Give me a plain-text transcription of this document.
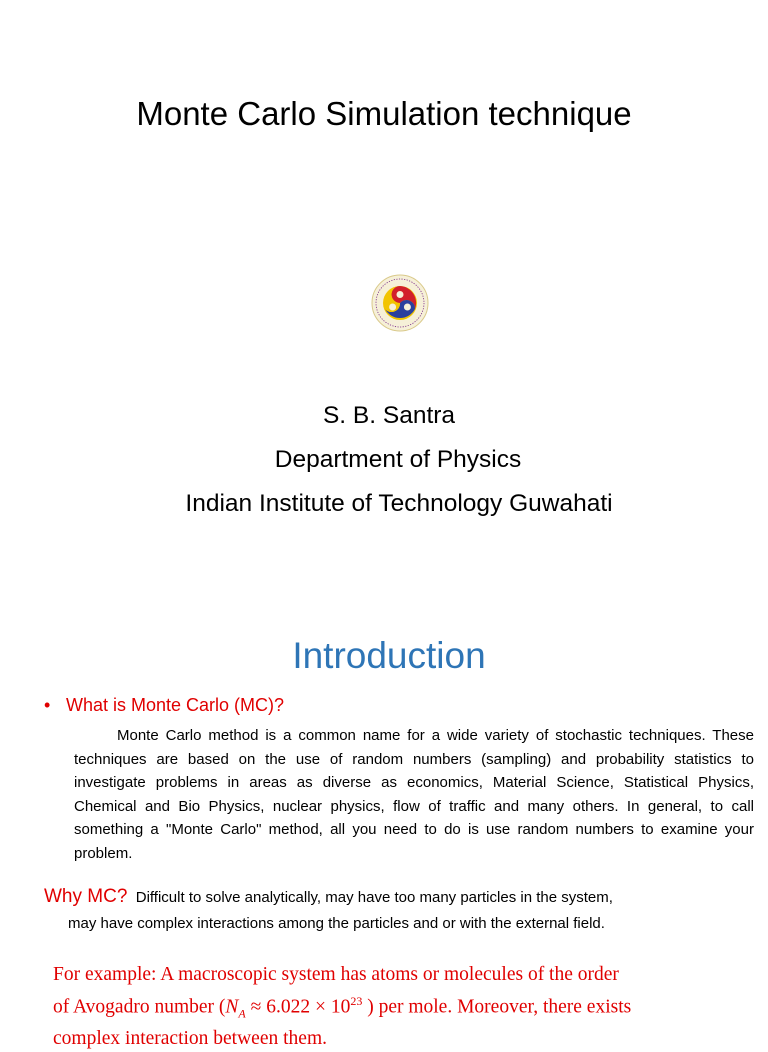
Monte Carlo Simulation technique
S. B. Santra
Department of Physics
Indian Institute of Technology Guwahati
Introduction
• What is Monte Carlo (MC)?
Monte Carlo method is a common name for a wide variety of stochastic techniques. These techniques are based on the use of random numbers (sampling) and probability statistics to investigate problems in areas as diverse as economics, Material Science, Statistical Physics, Chemical and Bio Physics, nuclear physics, flow of traffic and many others. In general, to call something a "Monte Carlo" method, all you need to do is use random numbers to examine your problem.
Why MC? Difficult to solve analytically, may have too many particles in the system,
may have complex interactions among the particles and or with the external field.
For example: A macroscopic system has atoms or molecules of the order
of Avogadro number ($N_A \approx 6.022 \times 10^{23}$ ) per mole. Moreover, there exists
complex interaction between them.
